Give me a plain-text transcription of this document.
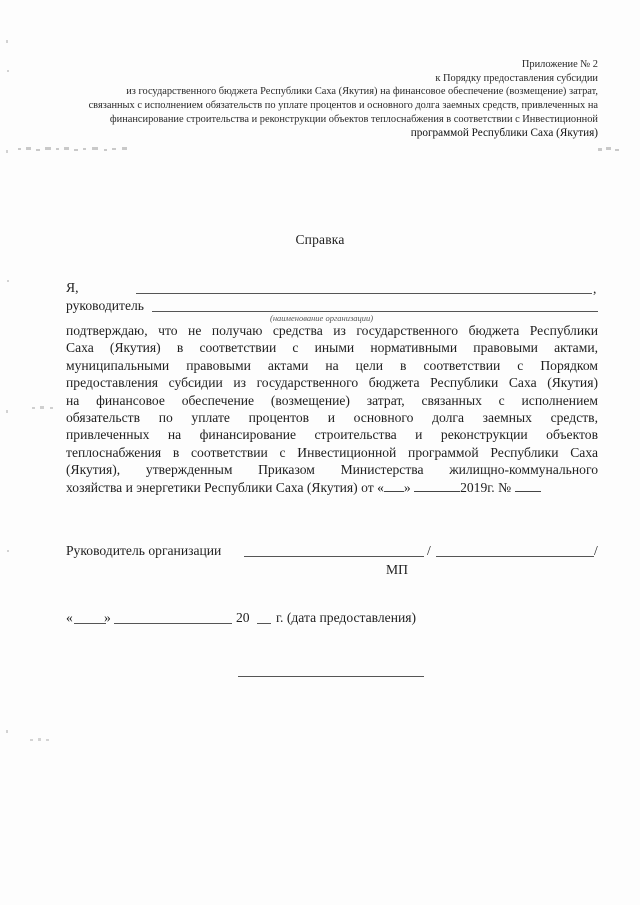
Приложение № 2
к Порядку предоставления субсидии
из государственного бюджета Республики Саха (Якутия) на финансовое обеспечение (возмещение) затрат,
связанных с исполнением обязательств по уплате процентов и основного долга заемных средств, привлеченных на
финансирование строительства и реконструкции объектов теплоснабжения в соответствии с Инвестиционной
программой Республики Саха (Якутия)
Справка
Я,	,
руководитель
(наименование организации)
подтверждаю, что не получаю средства из государственного бюджета Республики
Саха (Якутия) в соответствии с иными нормативными правовыми актами,
муниципальными правовыми актами на цели в соответствии с Порядком
предоставления субсидии из государственного бюджета Республики Саха (Якутия)
на финансовое обеспечение (возмещение) затрат, связанных с исполнением
обязательств по уплате процентов и основного долга заемных средств,
привлеченных на финансирование строительства и реконструкции объектов
теплоснабжения в соответствии с Инвестиционной программой Республики Саха
(Якутия), утвержденным Приказом Министерства жилищно-коммунального
хозяйства и энергетики Республики Саха (Якутия) от « »	2019г. №
Руководитель организации	/	/
МП
« »	20 г. (дата предоставления)
